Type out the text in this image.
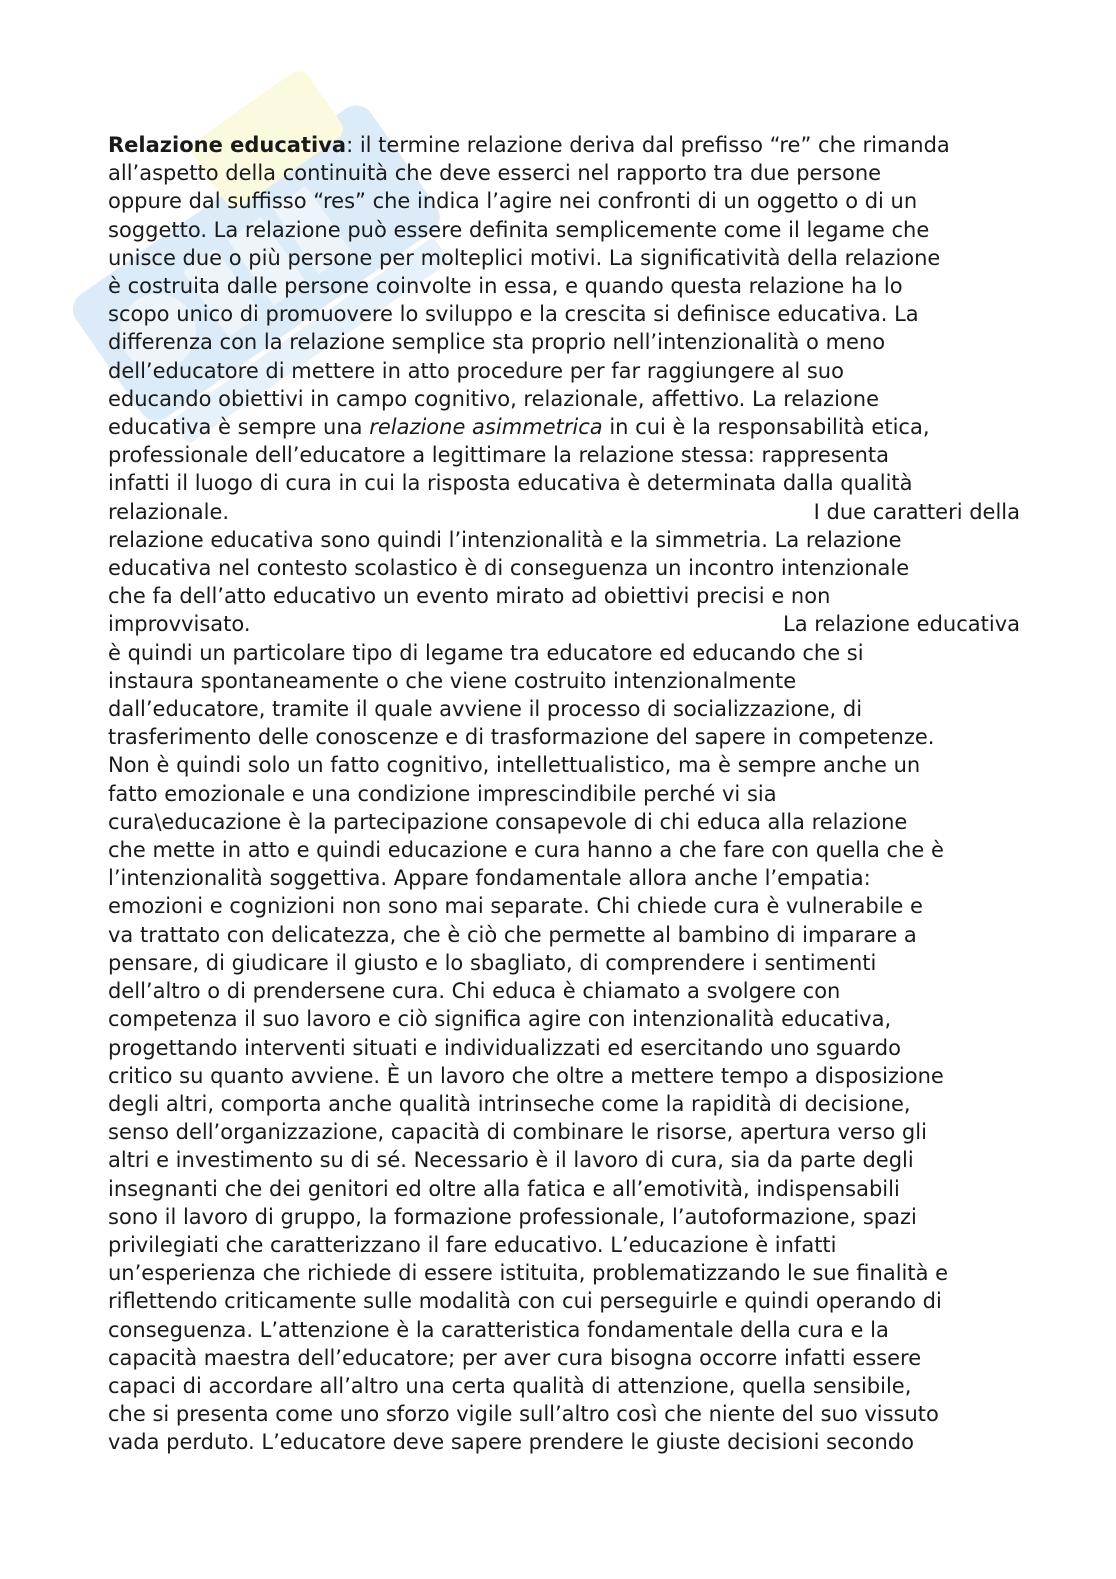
Relazione educativa: il termine relazione deriva dal prefisso “re” che rimanda
all’aspetto della continuità che deve esserci nel rapporto tra due persone
oppure dal suffisso “res” che indica l’agire nei confronti di un oggetto o di un
soggetto. La relazione può essere definita semplicemente come il legame che
unisce due o più persone per molteplici motivi. La significatività della relazione
è costruita dalle persone coinvolte in essa, e quando questa relazione ha lo
scopo unico di promuovere lo sviluppo e la crescita si definisce educativa. La
differenza con la relazione semplice sta proprio nell’intenzionalità o meno
dell’educatore di mettere in atto procedure per far raggiungere al suo
educando obiettivi in campo cognitivo, relazionale, affettivo. La relazione
educativa è sempre una relazione asimmetrica in cui è la responsabilità etica,
professionale dell’educatore a legittimare la relazione stessa: rappresenta
infatti il luogo di cura in cui la risposta educativa è determinata dalla qualità
relazionale.	I due caratteri della
relazione educativa sono quindi l’intenzionalità e la simmetria. La relazione
educativa nel contesto scolastico è di conseguenza un incontro intenzionale
che fa dell’atto educativo un evento mirato ad obiettivi precisi e non
improvvisato.	La relazione educativa
è quindi un particolare tipo di legame tra educatore ed educando che si
instaura spontaneamente o che viene costruito intenzionalmente
dall’educatore, tramite il quale avviene il processo di socializzazione, di
trasferimento delle conoscenze e di trasformazione del sapere in competenze.
Non è quindi solo un fatto cognitivo, intellettualistico, ma è sempre anche un
fatto emozionale e una condizione imprescindibile perché vi sia
cura\educazione è la partecipazione consapevole di chi educa alla relazione
che mette in atto e quindi educazione e cura hanno a che fare con quella che è
l’intenzionalità soggettiva. Appare fondamentale allora anche l’empatia:
emozioni e cognizioni non sono mai separate. Chi chiede cura è vulnerabile e
va trattato con delicatezza, che è ciò che permette al bambino di imparare a
pensare, di giudicare il giusto e lo sbagliato, di comprendere i sentimenti
dell’altro o di prendersene cura. Chi educa è chiamato a svolgere con
competenza il suo lavoro e ciò significa agire con intenzionalità educativa,
progettando interventi situati e individualizzati ed esercitando uno sguardo
critico su quanto avviene. È un lavoro che oltre a mettere tempo a disposizione
degli altri, comporta anche qualità intrinseche come la rapidità di decisione,
senso dell’organizzazione, capacità di combinare le risorse, apertura verso gli
altri e investimento su di sé. Necessario è il lavoro di cura, sia da parte degli
insegnanti che dei genitori ed oltre alla fatica e all’emotività, indispensabili
sono il lavoro di gruppo, la formazione professionale, l’autoformazione, spazi
privilegiati che caratterizzano il fare educativo. L’educazione è infatti
un’esperienza che richiede di essere istituita, problematizzando le sue finalità e
riflettendo criticamente sulle modalità con cui perseguirle e quindi operando di
conseguenza. L’attenzione è la caratteristica fondamentale della cura e la
capacità maestra dell’educatore; per aver cura bisogna occorre infatti essere
capaci di accordare all’altro una certa qualità di attenzione, quella sensibile,
che si presenta come uno sforzo vigile sull’altro così che niente del suo vissuto
vada perduto. L’educatore deve sapere prendere le giuste decisioni secondo
